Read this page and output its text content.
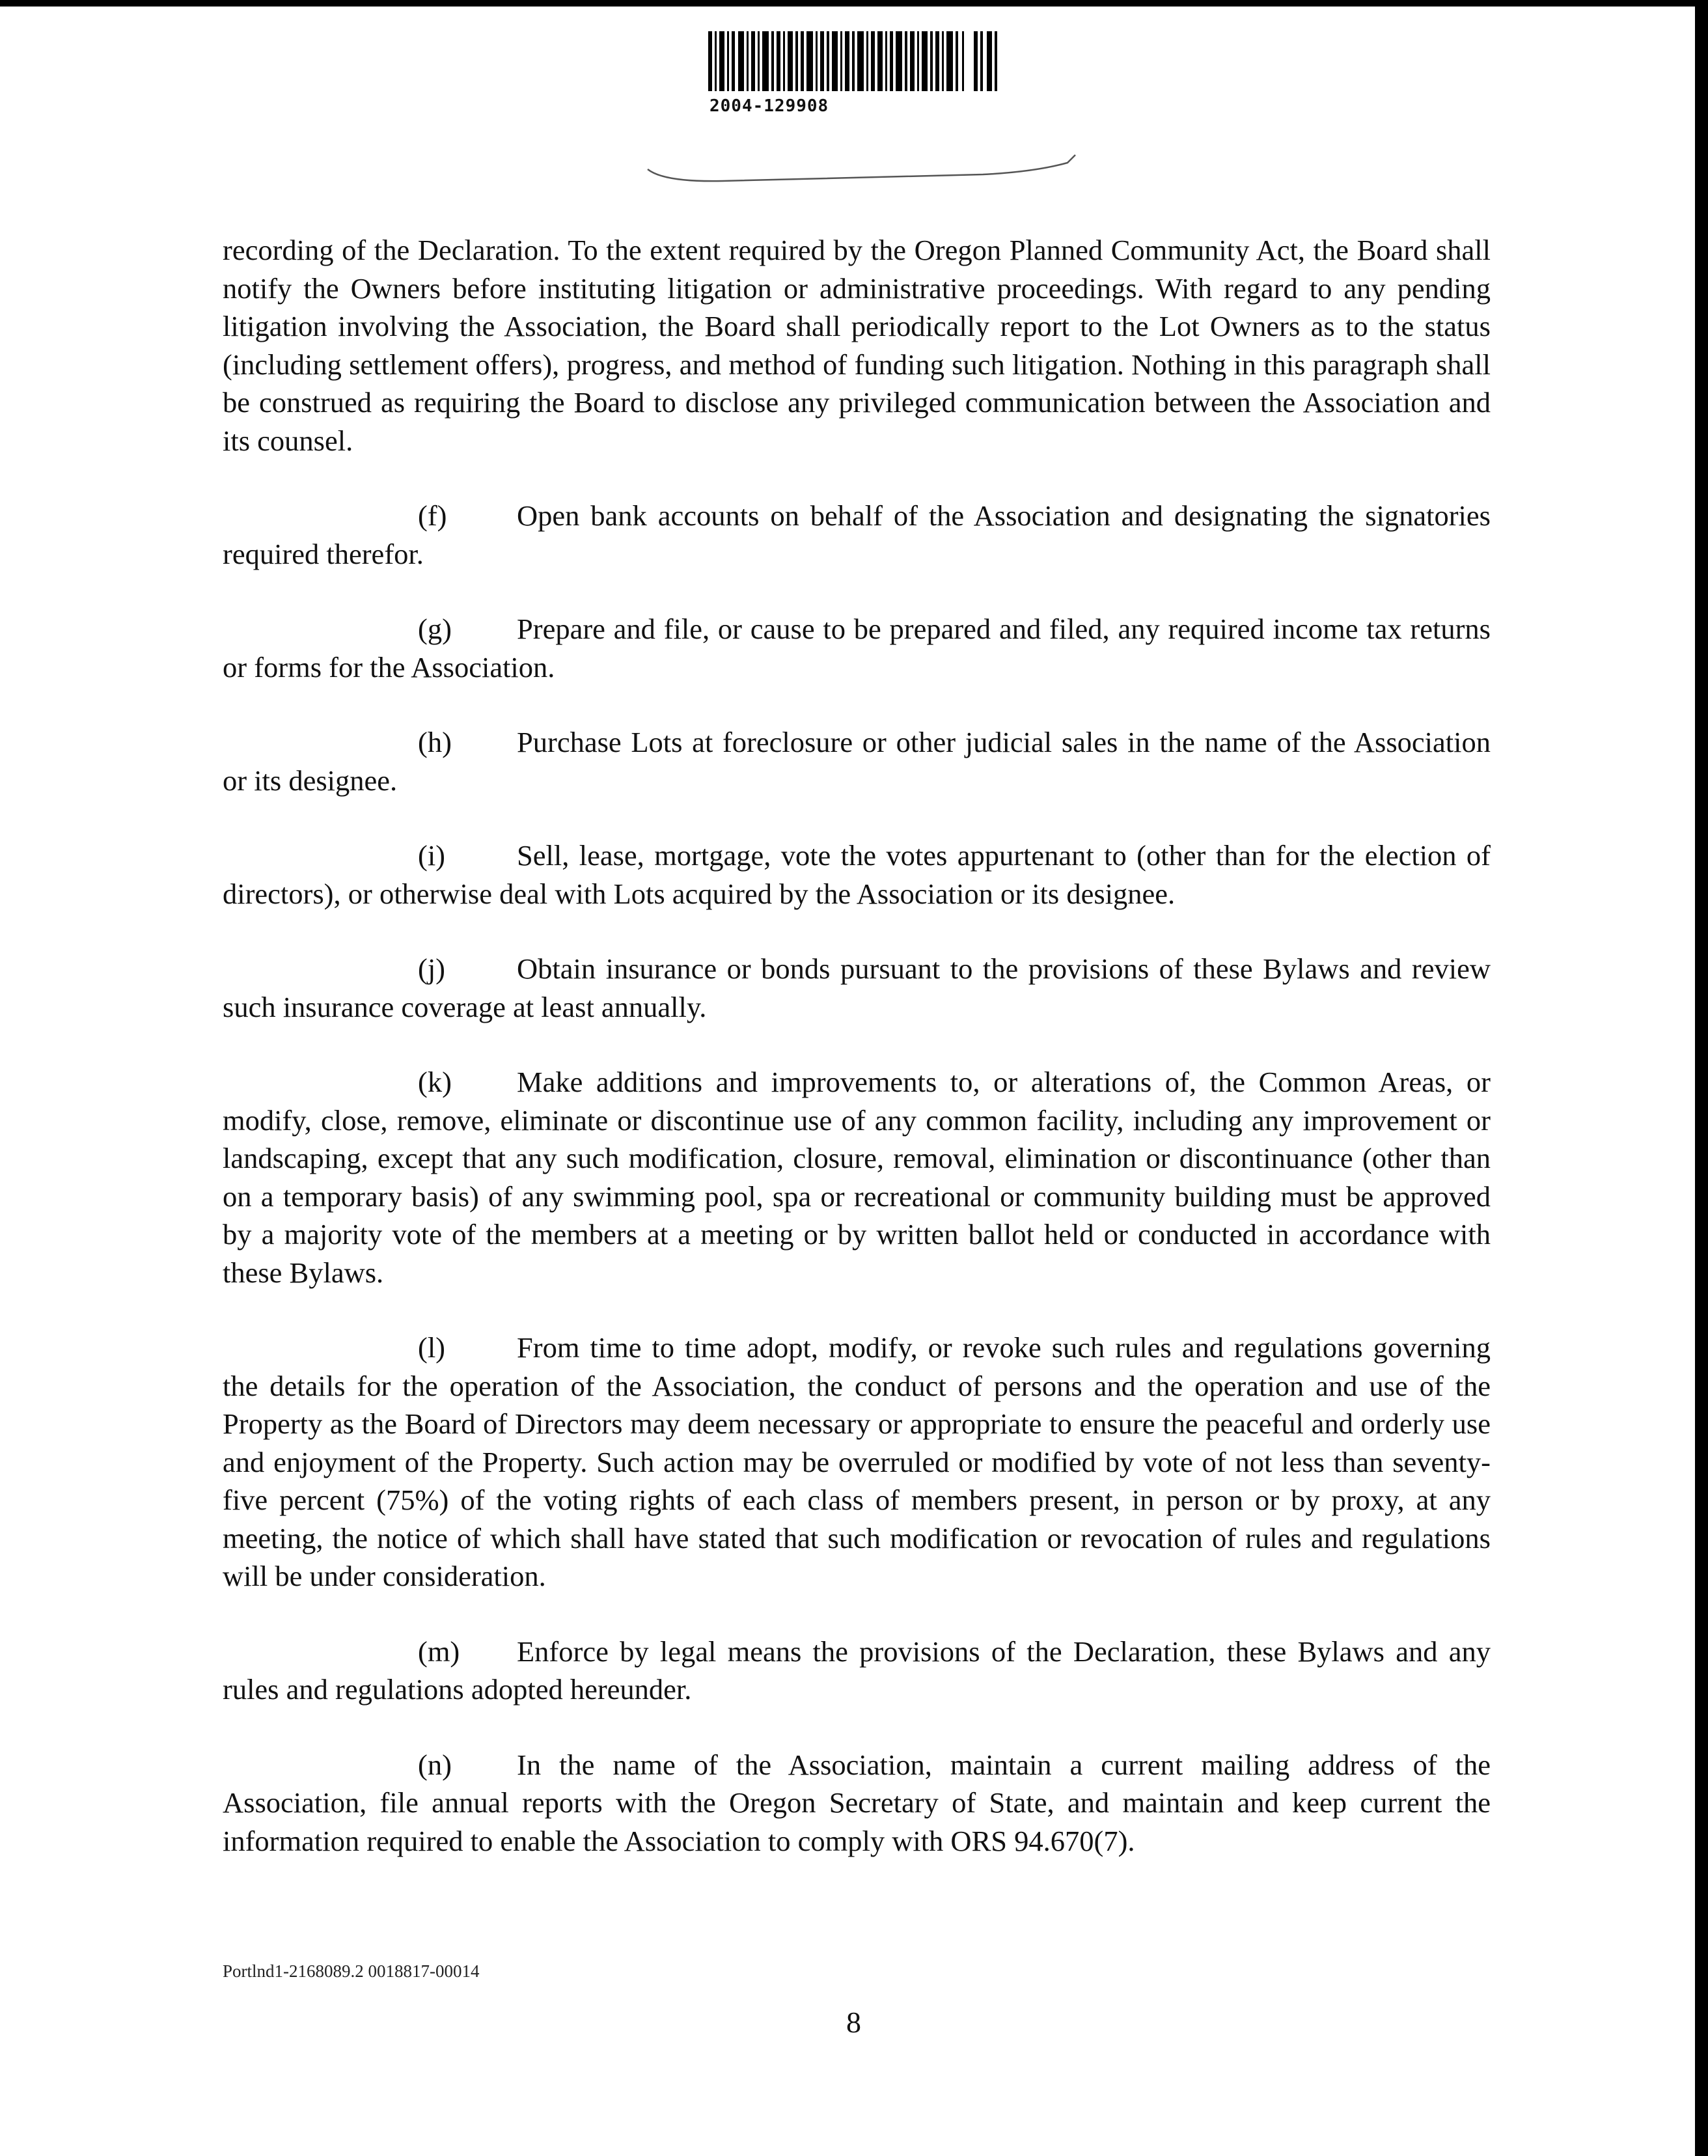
2004-129908

recording of the Declaration. To the extent required by the Oregon Planned Community Act, the Board shall notify the Owners before instituting litigation or administrative proceedings. With regard to any pending litigation involving the Association, the Board shall periodically report to the Lot Owners as to the status (including settlement offers), progress, and method of funding such litigation. Nothing in this paragraph shall be construed as requiring the Board to disclose any privileged communication between the Association and its counsel.

(f) Open bank accounts on behalf of the Association and designating the signatories required therefor.

(g) Prepare and file, or cause to be prepared and filed, any required income tax returns or forms for the Association.

(h) Purchase Lots at foreclosure or other judicial sales in the name of the Association or its designee.

(i) Sell, lease, mortgage, vote the votes appurtenant to (other than for the election of directors), or otherwise deal with Lots acquired by the Association or its designee.

(j) Obtain insurance or bonds pursuant to the provisions of these Bylaws and review such insurance coverage at least annually.

(k) Make additions and improvements to, or alterations of, the Common Areas, or modify, close, remove, eliminate or discontinue use of any common facility, including any improvement or landscaping, except that any such modification, closure, removal, elimination or discontinuance (other than on a temporary basis) of any swimming pool, spa or recreational or community building must be approved by a majority vote of the members at a meeting or by written ballot held or conducted in accordance with these Bylaws.

(l) From time to time adopt, modify, or revoke such rules and regulations governing the details for the operation of the Association, the conduct of persons and the operation and use of the Property as the Board of Directors may deem necessary or appropriate to ensure the peaceful and orderly use and enjoyment of the Property. Such action may be overruled or modified by vote of not less than seventy-five percent (75%) of the voting rights of each class of members present, in person or by proxy, at any meeting, the notice of which shall have stated that such modification or revocation of rules and regulations will be under consideration.

(m) Enforce by legal means the provisions of the Declaration, these Bylaws and any rules and regulations adopted hereunder.

(n) In the name of the Association, maintain a current mailing address of the Association, file annual reports with the Oregon Secretary of State, and maintain and keep current the information required to enable the Association to comply with ORS 94.670(7).

Portlnd1-2168089.2 0018817-00014
8
